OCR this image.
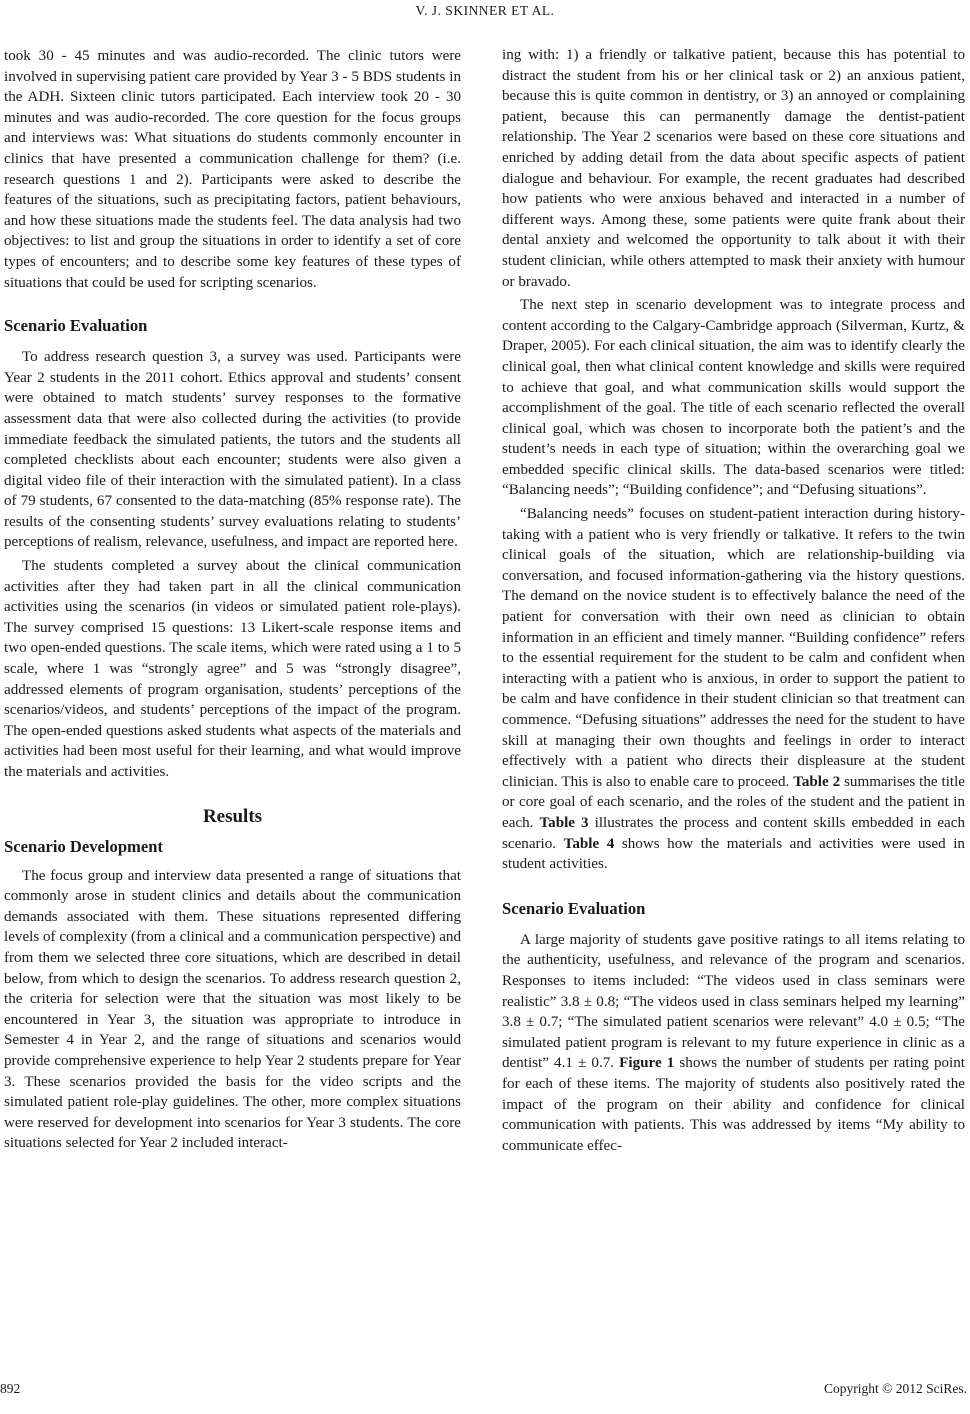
V. J. SKINNER ET AL.

took 30 - 45 minutes and was audio-recorded. The clinic tutors were involved in supervising patient care provided by Year 3 - 5 BDS students in the ADH. Sixteen clinic tutors participated. Each interview took 20 - 30 minutes and was audio-recorded. The core question for the focus groups and interviews was: What situations do students commonly encounter in clinics that have presented a communication challenge for them? (i.e. research questions 1 and 2). Participants were asked to describe the features of the situations, such as precipitating factors, patient behaviours, and how these situations made the students feel. The data analysis had two objectives: to list and group the situations in order to identify a set of core types of encounters; and to describe some key features of these types of situations that could be used for scripting scenarios.

Scenario Evaluation

To address research question 3, a survey was used. Participants were Year 2 students in the 2011 cohort. Ethics approval and students’ consent were obtained to match students’ survey responses to the formative assessment data that were also collected during the activities (to provide immediate feedback the simulated patients, the tutors and the students all completed checklists about each encounter; students were also given a digital video file of their interaction with the simulated patient). In a class of 79 students, 67 consented to the data-matching (85% response rate). The results of the consenting students’ survey evaluations relating to students’ perceptions of realism, relevance, usefulness, and impact are reported here.

The students completed a survey about the clinical communication activities after they had taken part in all the clinical communication activities using the scenarios (in videos or simulated patient role-plays). The survey comprised 15 questions: 13 Likert-scale response items and two open-ended questions. The scale items, which were rated using a 1 to 5 scale, where 1 was “strongly agree” and 5 was “strongly disagree”, addressed elements of program organisation, students’ perceptions of the scenarios/videos, and students’ perceptions of the impact of the program. The open-ended questions asked students what aspects of the materials and activities had been most useful for their learning, and what would improve the materials and activities.

Results
Scenario Development

The focus group and interview data presented a range of situations that commonly arose in student clinics and details about the communication demands associated with them. These situations represented differing levels of complexity (from a clinical and a communication perspective) and from them we selected three core situations, which are described in detail below, from which to design the scenarios. To address research question 2, the criteria for selection were that the situation was most likely to be encountered in Year 3, the situation was appropriate to introduce in Semester 4 in Year 2, and the range of situations and scenarios would provide comprehensive experience to help Year 2 students prepare for Year 3. These scenarios provided the basis for the video scripts and the simulated patient role-play guidelines. The other, more complex situations were reserved for development into scenarios for Year 3 students. The core situations selected for Year 2 included interact-

ing with: 1) a friendly or talkative patient, because this has potential to distract the student from his or her clinical task or 2) an anxious patient, because this is quite common in dentistry, or 3) an annoyed or complaining patient, because this can permanently damage the dentist-patient relationship. The Year 2 scenarios were based on these core situations and enriched by adding detail from the data about specific aspects of patient dialogue and behaviour. For example, the recent graduates had described how patients who were anxious behaved and interacted in a number of different ways. Among these, some patients were quite frank about their dental anxiety and welcomed the opportunity to talk about it with their student clinician, while others attempted to mask their anxiety with humour or bravado.

The next step in scenario development was to integrate process and content according to the Calgary-Cambridge approach (Silverman, Kurtz, & Draper, 2005). For each clinical situation, the aim was to identify clearly the clinical goal, then what clinical content knowledge and skills were required to achieve that goal, and what communication skills would support the accomplishment of the goal. The title of each scenario reflected the overall clinical goal, which was chosen to incorporate both the patient’s and the student’s needs in each type of situation; within the overarching goal we embedded specific clinical skills. The data-based scenarios were titled: “Balancing needs”; “Building confidence”; and “Defusing situations”.

“Balancing needs” focuses on student-patient interaction during history-taking with a patient who is very friendly or talkative. It refers to the twin clinical goals of the situation, which are relationship-building via conversation, and focused information-gathering via the history questions. The demand on the novice student is to effectively balance the need of the patient for conversation with their own need as clinician to obtain information in an efficient and timely manner. “Building confidence” refers to the essential requirement for the student to be calm and confident when interacting with a patient who is anxious, in order to support the patient to be calm and have confidence in their student clinician so that treatment can commence. “Defusing situations” addresses the need for the student to have skill at managing their own thoughts and feelings in order to interact effectively with a patient who directs their displeasure at the student clinician. This is also to enable care to proceed. Table 2 summarises the title or core goal of each scenario, and the roles of the student and the patient in each. Table 3 illustrates the process and content skills embedded in each scenario. Table 4 shows how the materials and activities were used in student activities.

Scenario Evaluation

A large majority of students gave positive ratings to all items relating to the authenticity, usefulness, and relevance of the program and scenarios. Responses to items included: “The videos used in class seminars were realistic” 3.8 ± 0.8; “The videos used in class seminars helped my learning” 3.8 ± 0.7; “The simulated patient scenarios were relevant” 4.0 ± 0.5; “The simulated patient program is relevant to my future experience in clinic as a dentist” 4.1 ± 0.7. Figure 1 shows the number of students per rating point for each of these items. The majority of students also positively rated the impact of the program on their ability and confidence for clinical communication with patients. This was addressed by items “My ability to communicate effec-

892	Copyright © 2012 SciRes.
